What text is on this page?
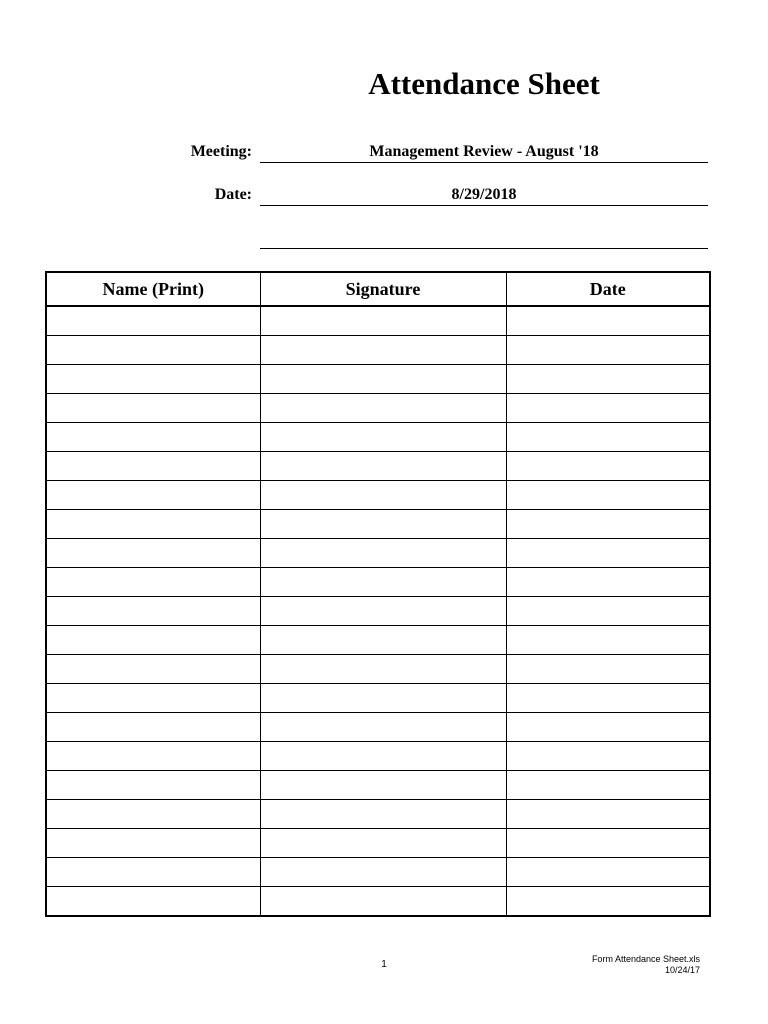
Attendance Sheet
Meeting:	Management Review - August '18
Date:	8/29/2018
Name (Print)	Signature	Date

1	Form Attendance Sheet.xls
10/24/17
